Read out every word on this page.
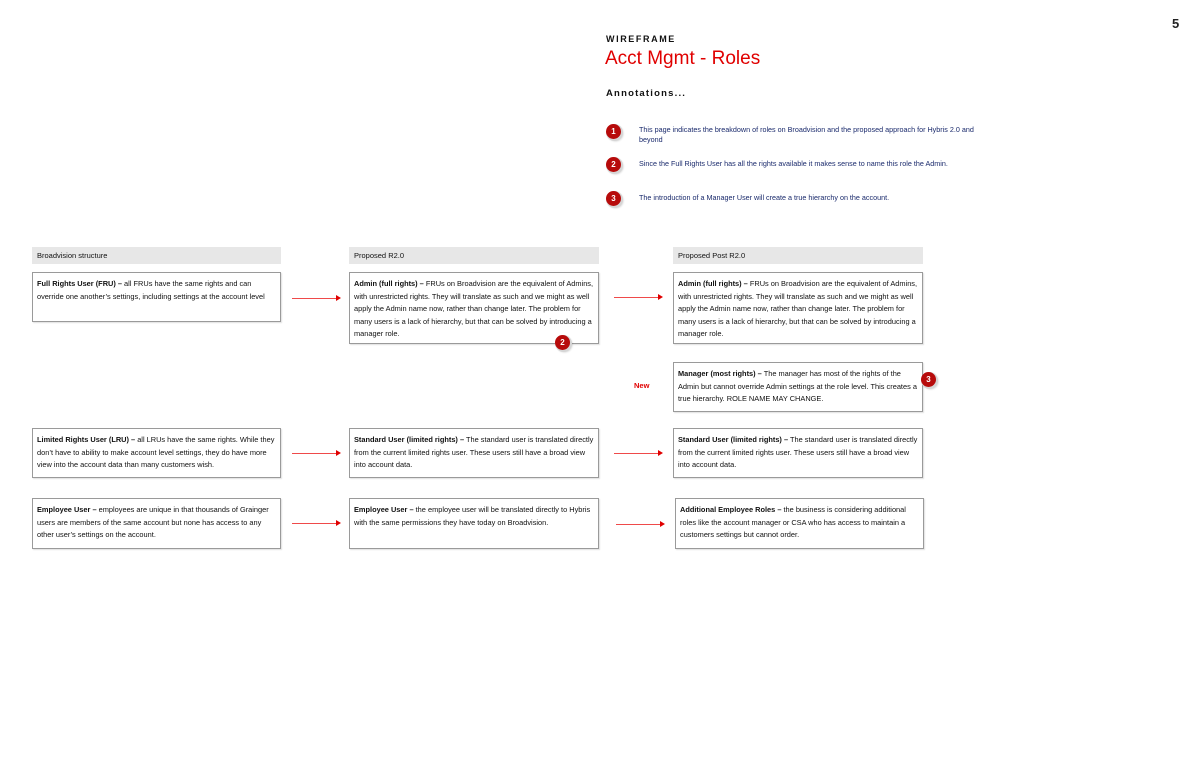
5
WIREFRAME
Acct Mgmt - Roles
Annotations...
1	This page indicates the breakdown of roles on Broadvision and the proposed approach for Hybris 2.0 and beyond
2	Since the Full Rights User has all the rights available it makes sense to name this role the Admin.
3	The introduction of a Manager User will create a true hierarchy on the account.
Broadvision structure	Proposed R2.0	Proposed Post R2.0
Full Rights User (FRU) – all FRUs have the same rights and can override one another’s settings, including settings at the account level
Admin (full rights) – FRUs on Broadvision are the equivalent of Admins, with unrestricted rights. They will translate as such and we might as well apply the Admin name now, rather than change later. The problem for many users is a lack of hierarchy, but that can be solved by introducing a manager role.
2
Admin (full rights) – FRUs on Broadvision are the equivalent of Admins, with unrestricted rights. They will translate as such and we might as well apply the Admin name now, rather than change later. The problem for many users is a lack of hierarchy, but that can be solved by introducing a manager role.
New
Manager (most rights) – The manager has most of the rights of the Admin but cannot override Admin settings at the role level. This creates a true hierarchy. ROLE NAME MAY CHANGE.
3
Limited Rights User (LRU) – all LRUs have the same rights. While they don’t have to ability to make account level settings, they do have more view into the account data than many customers wish.
Standard User (limited rights) – The standard user is translated directly from the current limited rights user. These users still have a broad view into account data.
Standard User (limited rights) – The standard user is translated directly from the current limited rights user. These users still have a broad view into account data.
Employee User – employees are unique in that thousands of Grainger users are members of the same account but none has access to any other user’s settings on the account.
Employee User – the employee user will be translated directly to Hybris with the same permissions they have today on Broadvision.
Additional Employee Roles – the business is considering additional roles like the account manager or CSA who has access to maintain a customers settings but cannot order.
